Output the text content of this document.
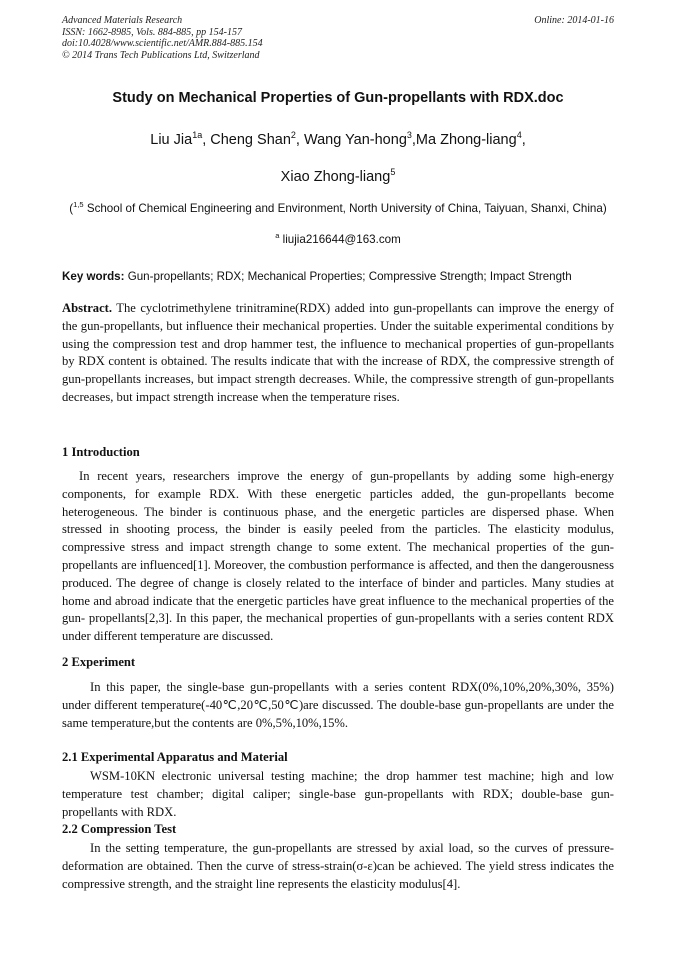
Advanced Materials Research
ISSN: 1662-8985, Vols. 884-885, pp 154-157
doi:10.4028/www.scientific.net/AMR.884-885.154
© 2014 Trans Tech Publications Ltd, Switzerland
Online: 2014-01-16
Study on Mechanical Properties of Gun-propellants with RDX.doc
Liu Jia$^{1a}$, Cheng Shan$^2$, Wang Yan-hong$^3$,Ma Zhong-liang$^4$,
Xiao Zhong-liang$^5$
($^{1,5}$ School of Chemical Engineering and Environment, North University of China, Taiyuan, Shanxi, China)
$^a$ liujia216644@163.com
Key words: Gun-propellants; RDX; Mechanical Properties; Compressive Strength; Impact Strength
Abstract. The cyclotrimethylene trinitramine(RDX) added into gun-propellants can improve the energy of the gun-propellants, but influence their mechanical properties. Under the suitable experimental conditions by using the compression test and drop hammer test, the influence to mechanical properties of gun-propellants by RDX content is obtained. The results indicate that with the increase of RDX, the compressive strength of gun-propellants increases, but impact strength decreases. While, the compressive strength of gun-propellants decreases, but impact strength increase when the temperature rises.
1 Introduction
In recent years, researchers improve the energy of gun-propellants by adding some high-energy components, for example RDX. With these energetic particles added, the gun-propellants become heterogeneous. The binder is continuous phase, and the energetic particles are dispersed phase. When stressed in shooting process, the binder is easily peeled from the particles. The elasticity modulus, compressive stress and impact strength change to some extent. The mechanical properties of the gun-propellants are influenced[1]. Moreover, the combustion performance is affected, and then the dangerousness produced. The degree of change is closely related to the interface of binder and particles. Many studies at home and abroad indicate that the energetic particles have great influence to the mechanical properties of the gun- propellants[2,3]. In this paper, the mechanical properties of gun-propellants with a series content RDX under different temperature are discussed.
2 Experiment
In this paper, the single-base gun-propellants with a series content RDX(0%,10%,20%,30%, 35%) under different temperature(-40℃,20℃,50℃)are discussed. The double-base gun-propellants are under the same temperature,but the contents are 0%,5%,10%,15%.
2.1 Experimental Apparatus and Material
WSM-10KN electronic universal testing machine; the drop hammer test machine; high and low temperature test chamber; digital caliper; single-base gun-propellants with RDX; double-base gun-propellants with RDX.
2.2 Compression Test
In the setting temperature, the gun-propellants are stressed by axial load, so the curves of pressure-deformation are obtained. Then the curve of stress-strain(σ-ε)can be achieved. The yield stress indicates the compressive strength, and the straight line represents the elasticity modulus[4].
